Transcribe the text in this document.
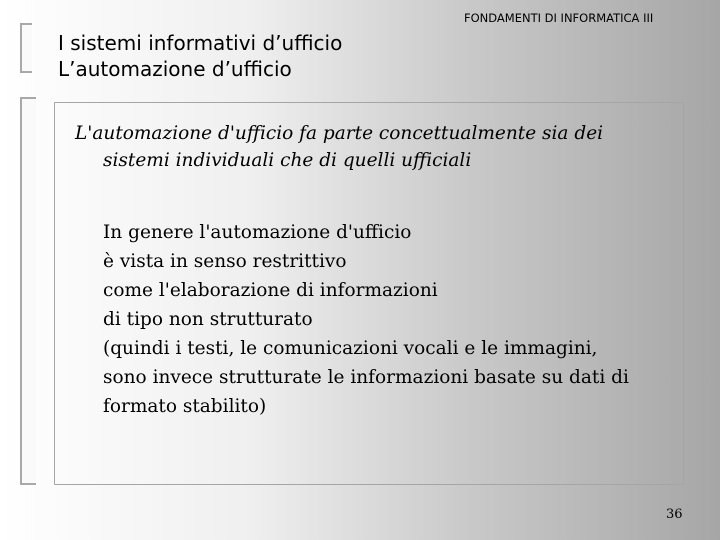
I sistemi informativi d’ufficio
L’automazione d’ufficio
FONDAMENTI DI INFORMATICA III

L'automazione d'ufficio fa parte concettualmente sia dei
sistemi individuali che di quelli ufficiali

In genere l'automazione d'ufficio
è vista in senso restrittivo
come l'elaborazione di informazioni
di tipo non strutturato
(quindi i testi, le comunicazioni vocali e le immagini,
sono invece strutturate le informazioni basate su dati di
formato stabilito)

36
